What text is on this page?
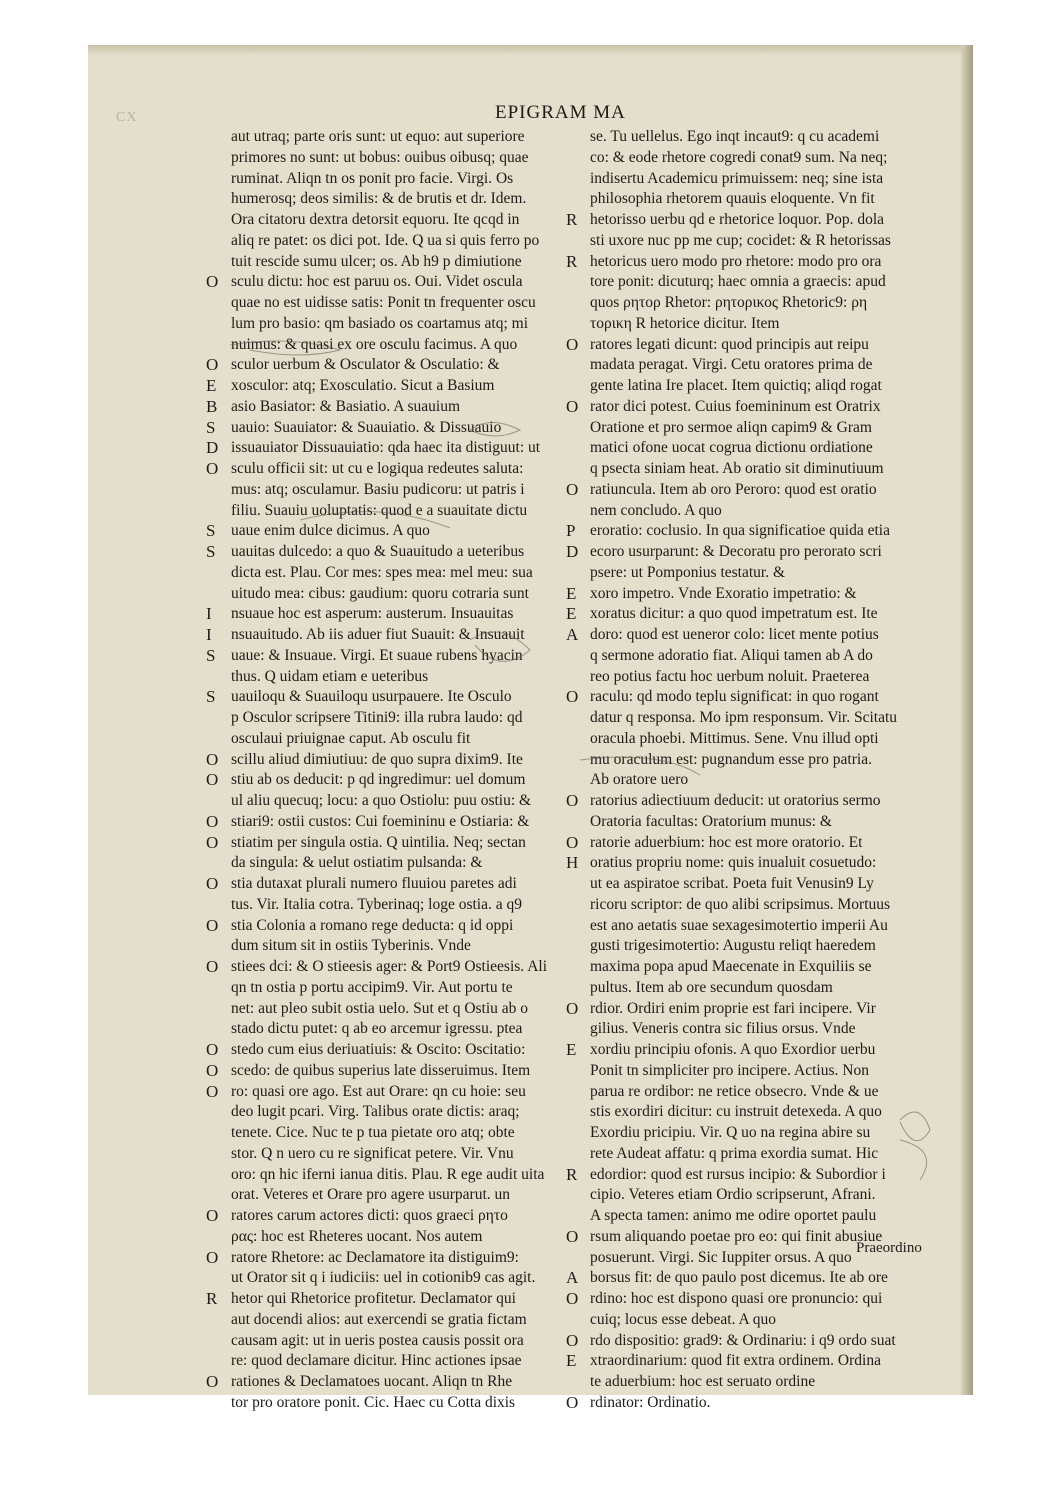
CX	EPIGRAM MA
aut utraq; parte oris sunt: ut equo: aut superiore
primores no sunt: ut bobus: ouibus oibusq; quae
ruminat. Aliqn tn os ponit pro facie. Virgi. Os
humerosq; deos similis: & de brutis et dr. Idem.
Ora citatoru dextra detorsit equoru. Ite qcqd in
aliq re patet: os dici pot. Ide. Q ua si quis ferro po
tuit rescide sumu ulcer; os. Ab h9 p dimiutione
O sculu dictu: hoc est paruu os. Oui. Videt oscula
quae no est uidisse satis: Ponit tn frequenter oscu
lum pro basio: qm basiado os coartamus atq; mi
nuimus: & quasi ex ore osculu facimus. A quo
O sculor uerbum & Osculator & Osculatio: &
E xosculor: atq; Exosculatio. Sicut a Basium
B asio Basiator: & Basiatio. A suauium
S uauio: Suauiator: & Suauiatio. & Dissuauio
D issuauiator Dissuauiatio: qda haec ita distiguut: ut
O sculu officii sit: ut cu e logiqua redeutes saluta:
mus: atq; osculamur. Basiu pudicoru: ut patris i
filiu. Suauiu uoluptatis: quod e a suauitate dictu
S uaue enim dulce dicimus. A quo
S uauitas dulcedo: a quo & Suauitudo a ueteribus
dicta est. Plau. Cor mes: spes mea: mel meu: sua
uitudo mea: cibus: gaudium: quoru cotraria sunt
I nsuaue hoc est asperum: austerum. Insuauitas
I nsuauitudo. Ab iis aduer fiut Suauit: & Insuauit
S uaue: & Insuaue. Virgi. Et suaue rubens hyacin
thus. Q uidam etiam e ueteribus
S uauiloqu & Suauiloqu usurpauere. Ite Osculo
p Osculor scripsere Titini9: illa rubra laudo: qd
osculaui priuignae caput. Ab osculu fit
O scillu aliud dimiutiuu: de quo supra dixim9. Ite
O stiu ab os deducit: p qd ingredimur: uel domum
ul aliu quecuq; locu: a quo Ostiolu: puu ostiu: &
O stiari9: ostii custos: Cui foemininu e Ostiaria: &
O stiatim per singula ostia. Q uintilia. Neq; sectan
da singula: & uelut ostiatim pulsanda: &
O stia dutaxat plurali numero fluuiou paretes adi
tus. Vir. Italia cotra. Tyberinaq; loge ostia. a q9
O stia Colonia a romano rege deducta: q id oppi
dum situm sit in ostiis Tyberinis. Vnde
O stiees dci: & O stieesis ager: & Port9 Ostieesis. Ali
qn tn ostia p portu accipim9. Vir. Aut portu te
net: aut pleo subit ostia uelo. Sut et q Ostiu ab o
stado dictu putet: q ab eo arcemur igressu. ptea
O stedo cum eius deriuatiuis: & Oscito: Oscitatio:
O scedo: de quibus superius late disseruimus. Item
O ro: quasi ore ago. Est aut Orare: qn cu hoie: seu
deo lugit pcari. Virg. Talibus orate dictis: araq;
tenete. Cice. Nuc te p tua pietate oro atq; obte
stor. Q n uero cu re significat petere. Vir. Vnu
oro: qn hic iferni ianua ditis. Plau. R ege audit uita
orat. Veteres et Orare pro agere usurparut. un
O ratores carum actores dicti: quos graeci ρητο
ρας: hoc est Rheteres uocant. Nos autem
O ratore Rhetore: ac Declamatore ita distiguim9:
ut Orator sit q i iudiciis: uel in cotionib9 cas agit.
R hetor qui Rhetorice profitetur. Declamator qui
aut docendi alios: aut exercendi se gratia fictam
causam agit: ut in ueris postea causis possit ora
re: quod declamare dicitur. Hinc actiones ipsae
O rationes & Declamatoes uocant. Aliqn tn Rhe
tor pro oratore ponit. Cic. Haec cu Cotta dixis
se. Tu uellelus. Ego inqt incaut9: q cu academi
co: & eode rhetore cogredi conat9 sum. Na neq;
indisertu Academicu primuissem: neq; sine ista
philosophia rhetorem quauis eloquente. Vn fit
R hetorisso uerbu qd e rhetorice loquor. Pop. dola
sti uxore nuc pp me cup; cocidet: & R hetorissas
R hetoricus uero modo pro rhetore: modo pro ora
tore ponit: dicuturq; haec omnia a graecis: apud
quos ρητορ Rhetor: ρητορικος Rhetoric9: ρη
τορικη R hetorice dicitur. Item
O ratores legati dicunt: quod principis aut reipu
madata peragat. Virgi. Cetu oratores prima de
gente latina Ire placet. Item quictiq; aliqd rogat
O rator dici potest. Cuius foemininum est Oratrix
Oratione et pro sermoe aliqn capim9 & Gram
matici ofone uocat cogrua dictionu ordiatione
q psecta siniam heat. Ab oratio sit diminutiuum
O ratiuncula. Item ab oro Peroro: quod est oratio
nem concludo. A quo
P eroratio: coclusio. In qua significatioe quida etia
D ecoro usurparunt: & Decoratu pro perorato scri
psere: ut Pomponius testatur. &
E xoro impetro. Vnde Exoratio impetratio: &
E xoratus dicitur: a quo quod impetratum est. Ite
A doro: quod est ueneror colo: licet mente potius
q sermone adoratio fiat. Aliqui tamen ab A do
reo potius factu hoc uerbum noluit. Praeterea
O raculu: qd modo teplu significat: in quo rogant
datur q responsa. Mo ipm responsum. Vir. Scitatu
oracula phoebi. Mittimus. Sene. Vnu illud opti
mu oraculum est: pugnandum esse pro patria.
Ab oratore uero
O ratorius adiectiuum deducit: ut oratorius sermo
Oratoria facultas: Oratorium munus: &
O ratorie aduerbium: hoc est more oratorio. Et
H oratius propriu nome: quis inualuit cosuetudo:
ut ea aspiratoe scribat. Poeta fuit Venusin9 Ly
ricoru scriptor: de quo alibi scripsimus. Mortuus
est ano aetatis suae sexagesimotertio imperii Au
gusti trigesimotertio: Augustu reliqt haeredem
maxima popa apud Maecenate in Exquiliis se
pultus. Item ab ore secundum quosdam
O rdior. Ordiri enim proprie est fari incipere. Vir
gilius. Veneris contra sic filius orsus. Vnde
E xordiu principiu ofonis. A quo Exordior uerbu
Ponit tn simpliciter pro incipere. Actius. Non
parua re ordibor: ne retice obsecro. Vnde & ue
stis exordiri dicitur: cu instruit detexeda. A quo
Exordiu pricipiu. Vir. Q uo na regina abire su
rete Audeat affatu: q prima exordia sumat. Hic
R edordior: quod est rursus incipio: & Subordior i
cipio. Veteres etiam Ordio scripserunt, Afrani.
A specta tamen: animo me odire oportet paulu
O rsum aliquando poetae pro eo: qui finit abusiue
posuerunt. Virgi. Sic Iuppiter orsus. A quo
A borsus fit: de quo paulo post dicemus. Ite ab ore
O rdino: hoc est dispono quasi ore pronuncio: qui
cuiq; locus esse debeat. A quo
O rdo dispositio: grad9: & Ordinariu: i q9 ordo suat
E xtraordinarium: quod fit extra ordinem. Ordina
te aduerbium: hoc est seruato ordine
O rdinator: Ordinatio.
Praeordino
